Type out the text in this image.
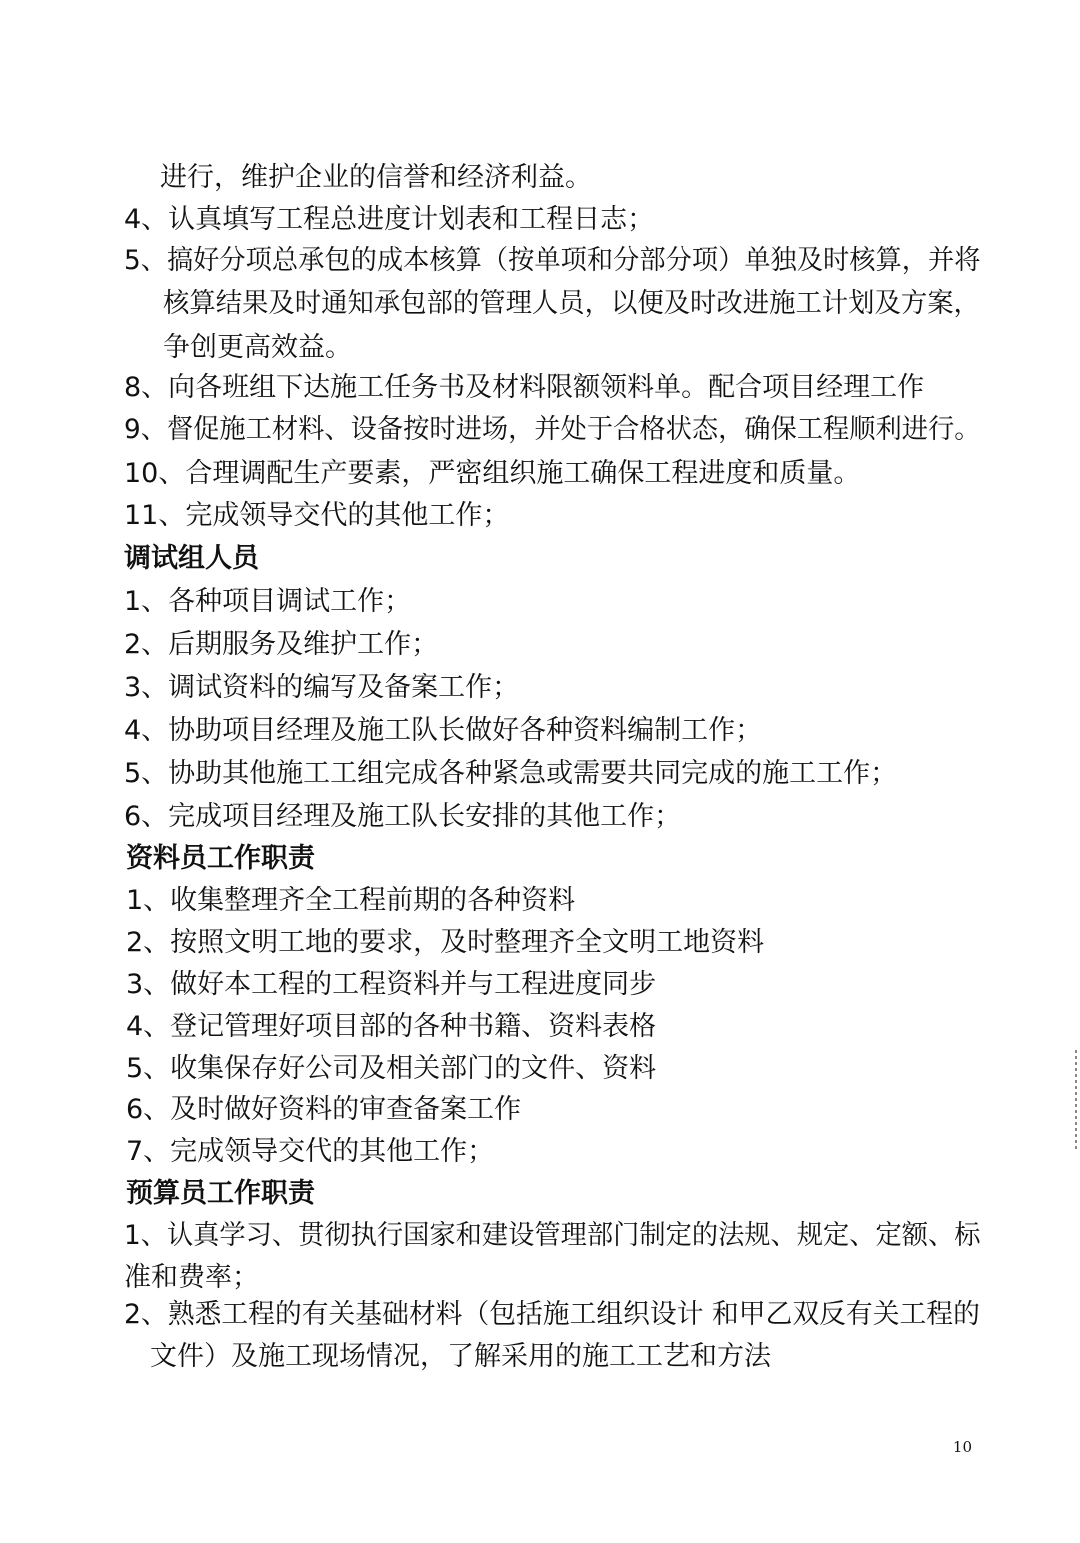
进行，维护企业的信誉和经济利益。
4、认真填写工程总进度计划表和工程日志；
5、搞好分项总承包的成本核算（按单项和分部分项）单独及时核算，并将
核算结果及时通知承包部的管理人员，以便及时改进施工计划及方案，
争创更高效益。
8、向各班组下达施工任务书及材料限额领料单。配合项目经理工作
9、督促施工材料、设备按时进场，并处于合格状态，确保工程顺利进行。
10、合理调配生产要素，严密组织施工确保工程进度和质量。
11、完成领导交代的其他工作；
调试组人员
1、各种项目调试工作；
2、后期服务及维护工作；
3、调试资料的编写及备案工作；
4、协助项目经理及施工队长做好各种资料编制工作；
5、协助其他施工工组完成各种紧急或需要共同完成的施工工作；
6、完成项目经理及施工队长安排的其他工作；
资料员工作职责
1、收集整理齐全工程前期的各种资料
2、按照文明工地的要求，及时整理齐全文明工地资料
3、做好本工程的工程资料并与工程进度同步
4、登记管理好项目部的各种书籍、资料表格
5、收集保存好公司及相关部门的文件、资料
6、及时做好资料的审查备案工作
7、完成领导交代的其他工作；
预算员工作职责
1、认真学习、贯彻执行国家和建设管理部门制定的法规、规定、定额、标
准和费率；
2、熟悉工程的有关基础材料（包括施工组织设计 和甲乙双反有关工程的
文件）及施工现场情况，了解采用的施工工艺和方法
10
